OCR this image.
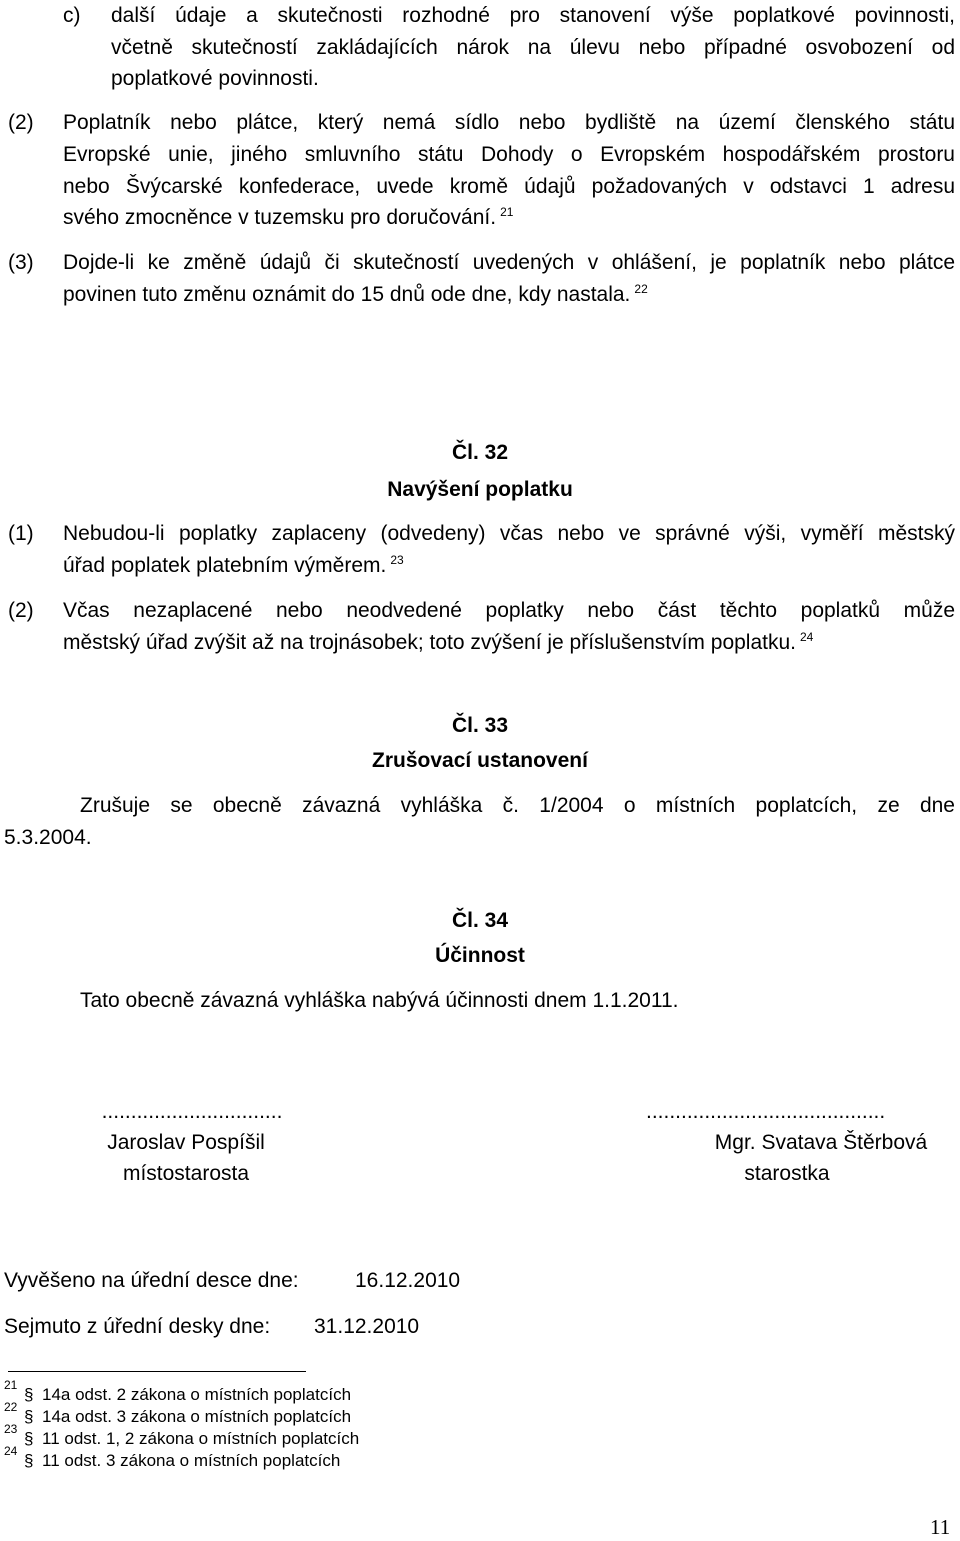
c) další údaje a skutečnosti rozhodné pro stanovení výše poplatkové povinnosti,
včetně skutečností zakládajících nárok na úlevu nebo případné osvobození od
poplatkové povinnosti.
(2) Poplatník nebo plátce, který nemá sídlo nebo bydliště na území členského státu
Evropské unie, jiného smluvního státu Dohody o Evropském hospodářském prostoru
nebo Švýcarské konfederace, uvede kromě údajů požadovaných v odstavci 1 adresu
svého zmocněnce v tuzemsku pro doručování. $^{21}$
(3) Dojde-li ke změně údajů či skutečností uvedených v ohlášení, je poplatník nebo plátce
povinen tuto změnu oznámit do 15 dnů ode dne, kdy nastala. $^{22}$
Čl. 32
Navýšení poplatku
(1) Nebudou-li poplatky zaplaceny (odvedeny) včas nebo ve správné výši, vyměří městský
úřad poplatek platebním výměrem. $^{23}$
(2) Včas nezaplacené nebo neodvedené poplatky nebo část těchto poplatků může
městský úřad zvýšit až na trojnásobek; toto zvýšení je příslušenstvím poplatku. $^{24}$
Čl. 33
Zrušovací ustanovení
Zrušuje se obecně závazná vyhláška č. 1/2004 o místních poplatcích, ze dne
5.3.2004.
Čl. 34
Účinnost
Tato obecně závazná vyhláška nabývá účinnosti dnem 1.1.2011.
...............................
Jaroslav Pospíšil
místostarosta
.........................................
Mgr. Svatava Štěrbová
starostka
Vyvěšeno na úřední desce dne:	16.12.2010
Sejmuto z úřední desky dne: 31.12.2010
21 § 14a odst. 2 zákona o místních poplatcích
22 § 14a odst. 3 zákona o místních poplatcích
23 § 11 odst. 1, 2 zákona o místních poplatcích
24 § 11 odst. 3 zákona o místních poplatcích
11
